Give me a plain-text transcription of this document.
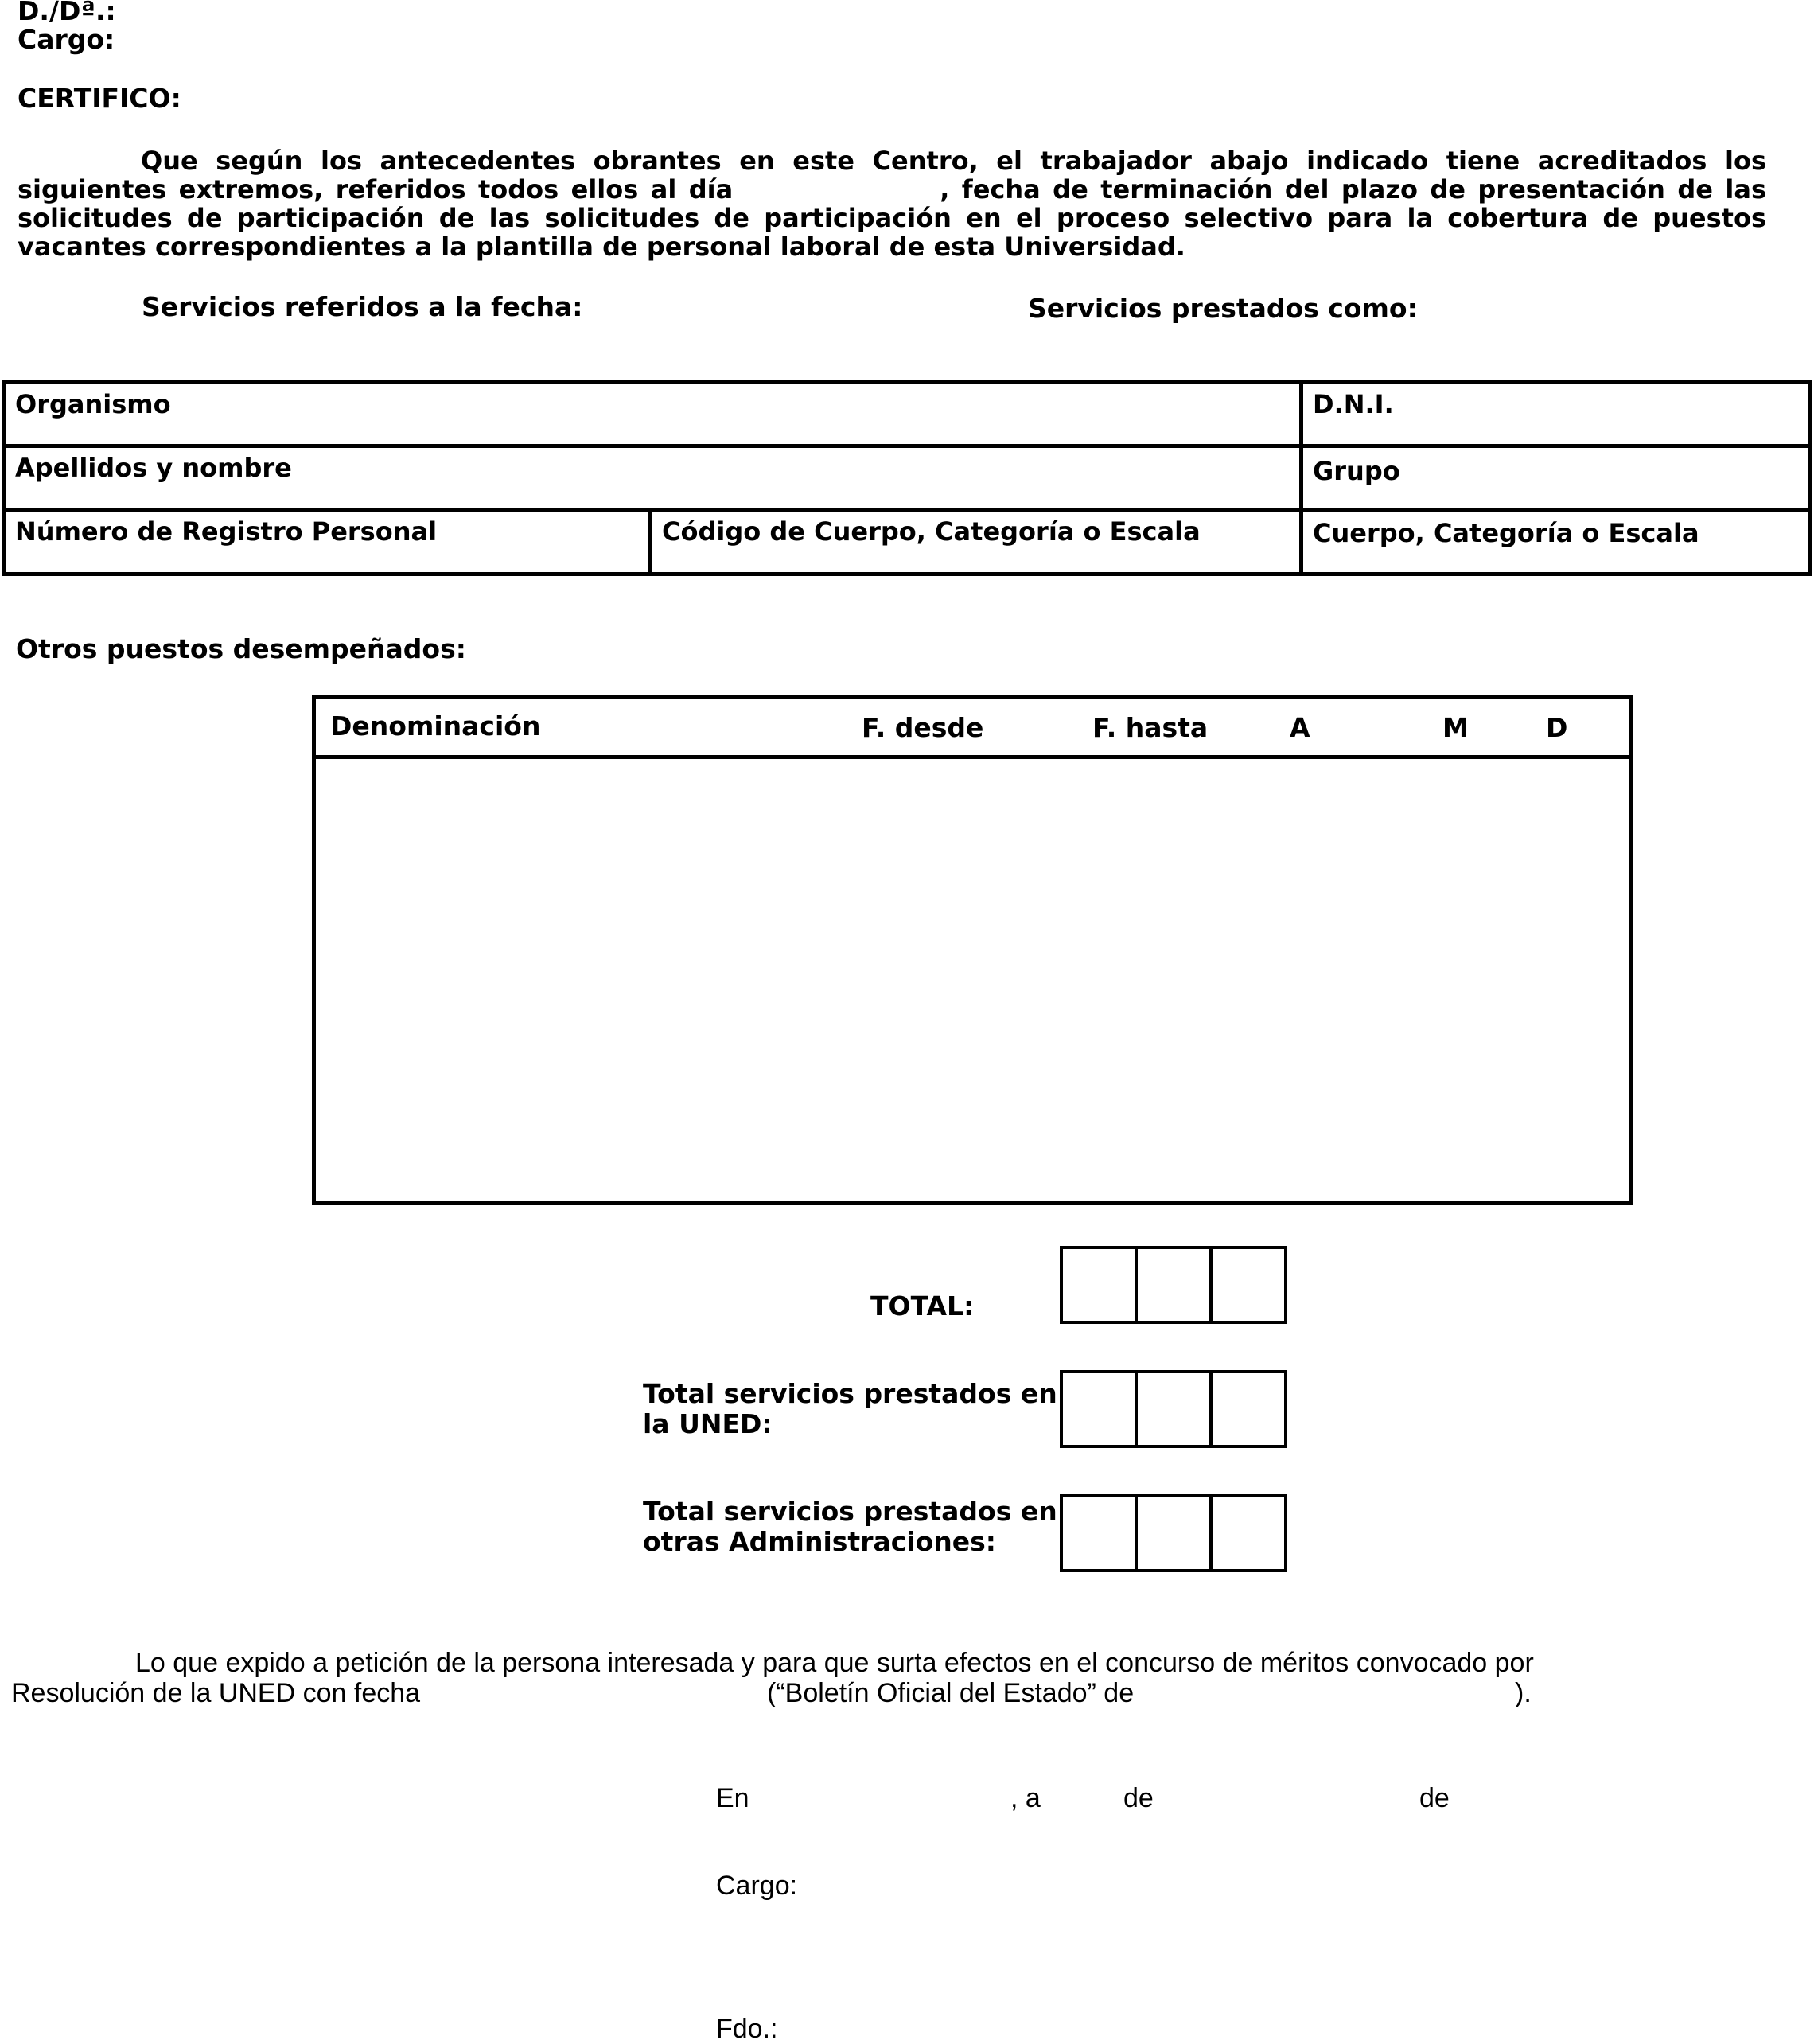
D./Dª.:
Cargo:
CERTIFICO:
Que según los antecedentes obrantes en este Centro, el trabajador abajo indicado tiene acreditados los siguientes extremos, referidos todos ellos al día	, fecha de terminación del plazo de presentación de las solicitudes de participación de las solicitudes de participación en el proceso selectivo para la cobertura de puestos vacantes correspondientes a la plantilla de personal laboral de esta Universidad.
Servicios referidos a la fecha:	Servicios prestados como:
Organismo	D.N.I.
Apellidos y nombre	Grupo
Número de Registro Personal	Código de Cuerpo, Categoría o Escala	Cuerpo, Categoría o Escala
Otros puestos desempeñados:
Denominación	F. desde	F. hasta	A	M	D
TOTAL:
Total servicios prestados en
la UNED:
Total servicios prestados en
otras Administraciones:
Lo que expido a petición de la persona interesada y para que surta efectos en el concurso de méritos convocado por
Resolución de la UNED con fecha	(“Boletín Oficial del Estado” de	).
En	, a	de	de
Cargo:
Fdo.:
